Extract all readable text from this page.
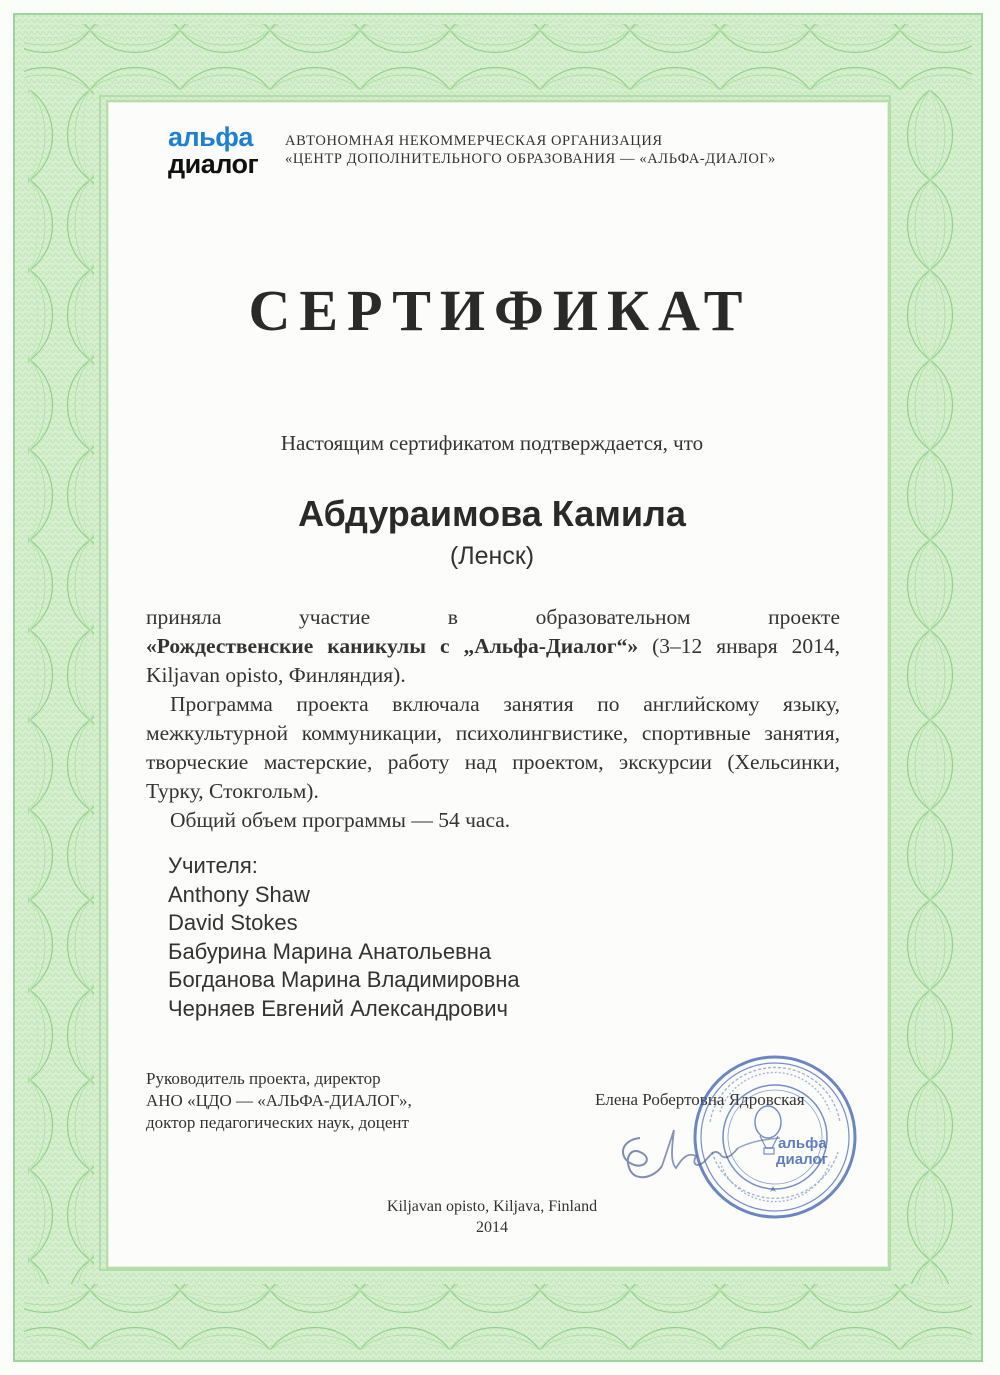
альфа
диалог
АВТОНОМНАЯ НЕКОММЕРЧЕСКАЯ ОРГАНИЗАЦИЯ
«ЦЕНТР ДОПОЛНИТЕЛЬНОГО ОБРАЗОВАНИЯ — «АЛЬФА-ДИАЛОГ»
СЕРТИФИКАТ
Настоящим сертификатом подтверждается, что
Абдураимова Камила
(Ленск)
приняла участие в образовательном проекте

«Рождественские каникулы с „Альфа-Диалог“» (3–12 января 2014, Kiljavan opisto, Финляндия).

Программа проекта включала занятия по английскому языку, межкультурной коммуникации, психолингвистике, спортивные занятия, творческие мастерские, работу над проектом, экскурсии (Хельсинки, Турку, Стокгольм).

Общий объем программы — 54 часа.

Учителя:
Anthony Shaw
David Stokes
Бабурина Марина Анатольевна
Богданова Марина Владимировна
Черняев Евгений Александрович
Руководитель проекта, директор
АНО «ЦДО — «АЛЬФА-ДИАЛОГ»,
доктор педагогических наук, доцент
Елена Робертовна Ядровская
альфа
диалог
Kiljavan opisto, Kiljava, Finland
2014
